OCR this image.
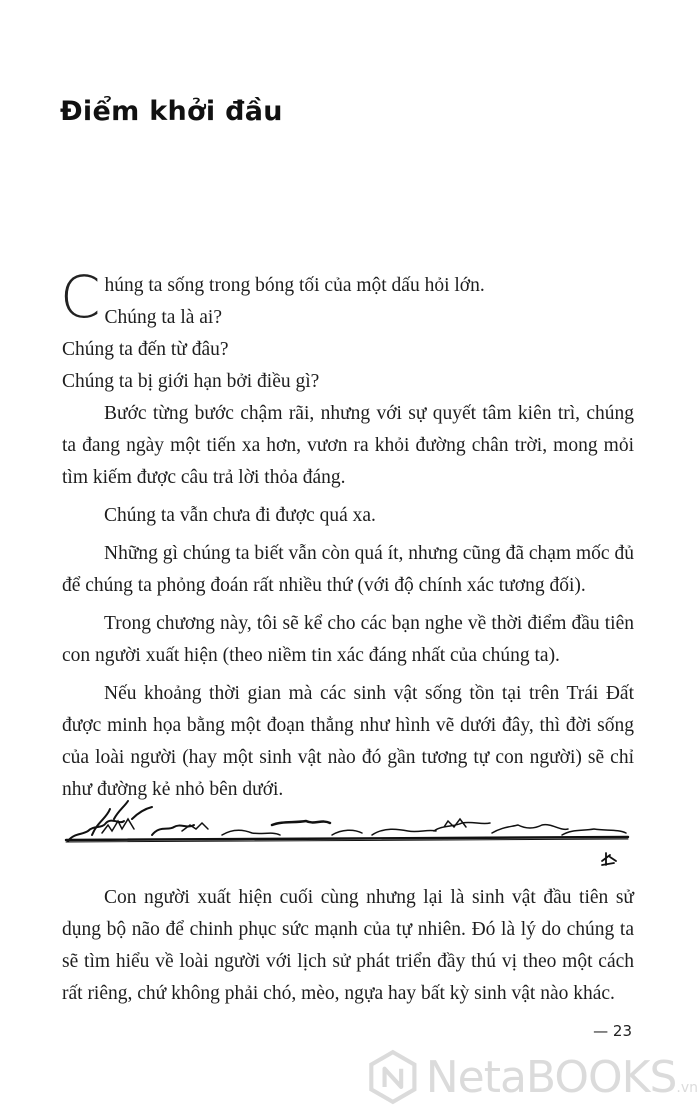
Điểm khởi đầu

Chúng ta sống trong bóng tối của một dấu hỏi lớn.

Chúng ta là ai?

Chúng ta đến từ đâu?

Chúng ta bị giới hạn bởi điều gì?

Bước từng bước chậm rãi, nhưng với sự quyết tâm kiên trì, chúng ta đang ngày một tiến xa hơn, vươn ra khỏi đường chân trời, mong mỏi tìm kiếm được câu trả lời thỏa đáng.

Chúng ta vẫn chưa đi được quá xa.

Những gì chúng ta biết vẫn còn quá ít, nhưng cũng đã chạm mốc đủ để chúng ta phỏng đoán rất nhiều thứ (với độ chính xác tương đối).

Trong chương này, tôi sẽ kể cho các bạn nghe về thời điểm đầu tiên con người xuất hiện (theo niềm tin xác đáng nhất của chúng ta).

Nếu khoảng thời gian mà các sinh vật sống tồn tại trên Trái Đất được minh họa bằng một đoạn thẳng như hình vẽ dưới đây, thì đời sống của loài người (hay một sinh vật nào đó gần tương tự con người) sẽ chỉ như đường kẻ nhỏ bên dưới.

Con người xuất hiện cuối cùng nhưng lại là sinh vật đầu tiên sử dụng bộ não để chinh phục sức mạnh của tự nhiên. Đó là lý do chúng ta sẽ tìm hiểu về loài người với lịch sử phát triển đầy thú vị theo một cách rất riêng, chứ không phải chó, mèo, ngựa hay bất kỳ sinh vật nào khác.

— 23
NetaBOOKS .vn
